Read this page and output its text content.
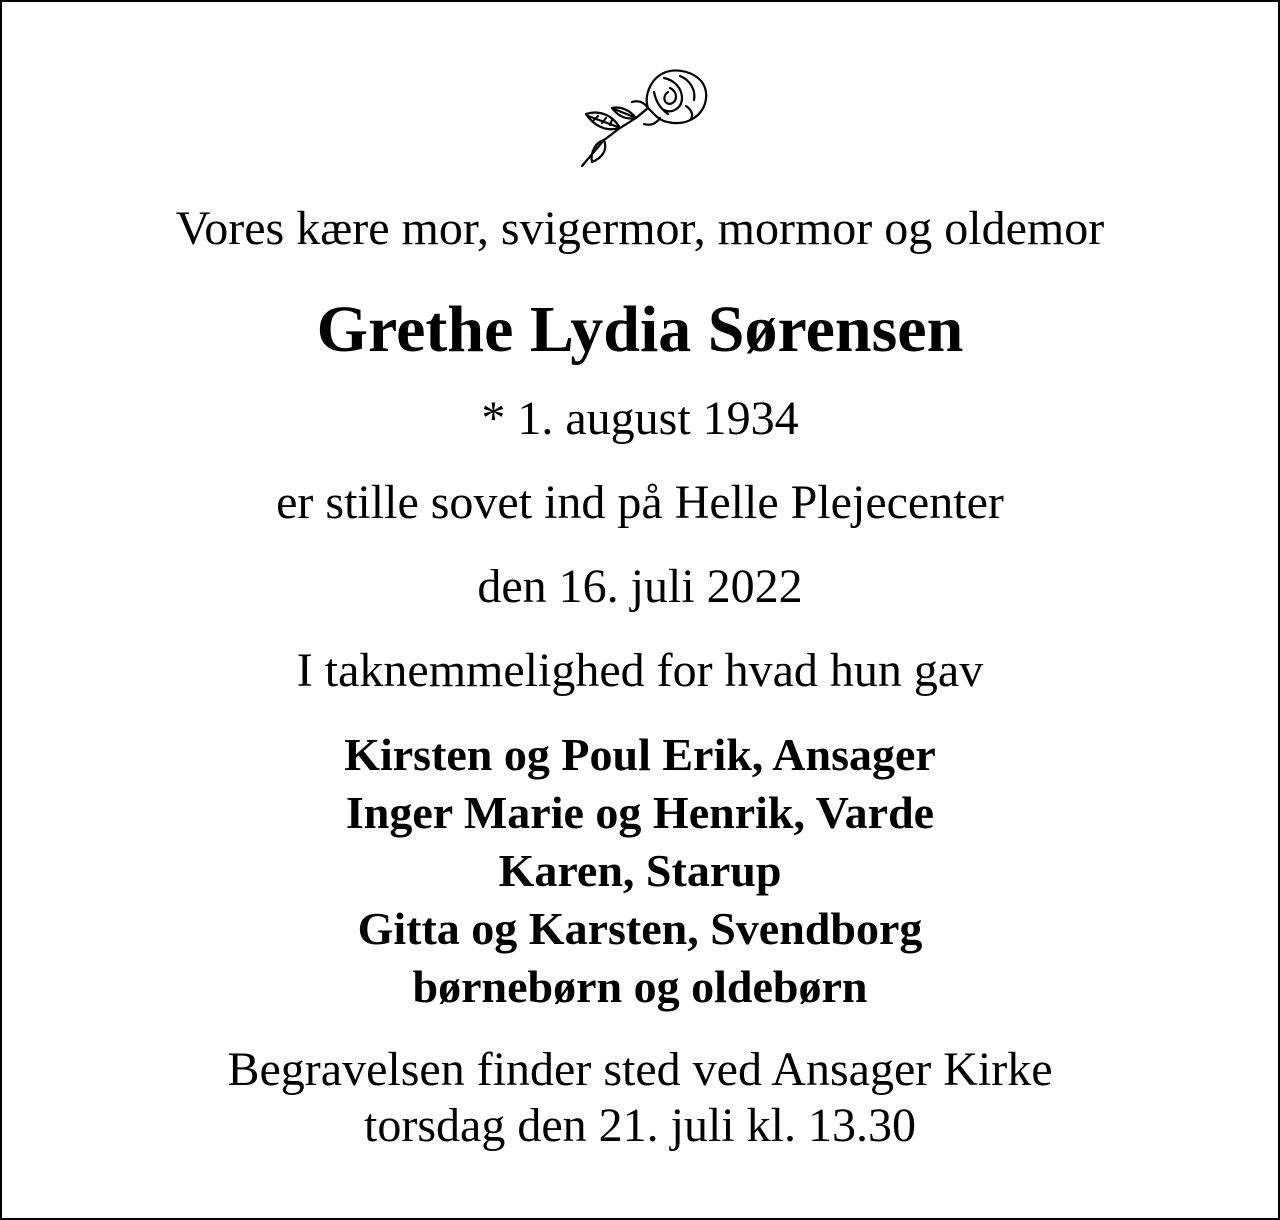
Vores kære mor, svigermor, mormor og oldemor
Grethe Lydia Sørensen
* 1. august 1934
er stille sovet ind på Helle Plejecenter
den 16. juli 2022
I taknemmelighed for hvad hun gav
Kirsten og Poul Erik, Ansager
Inger Marie og Henrik, Varde
Karen, Starup
Gitta og Karsten, Svendborg
børnebørn og oldebørn
Begravelsen finder sted ved Ansager Kirke
torsdag den 21. juli kl. 13.30
